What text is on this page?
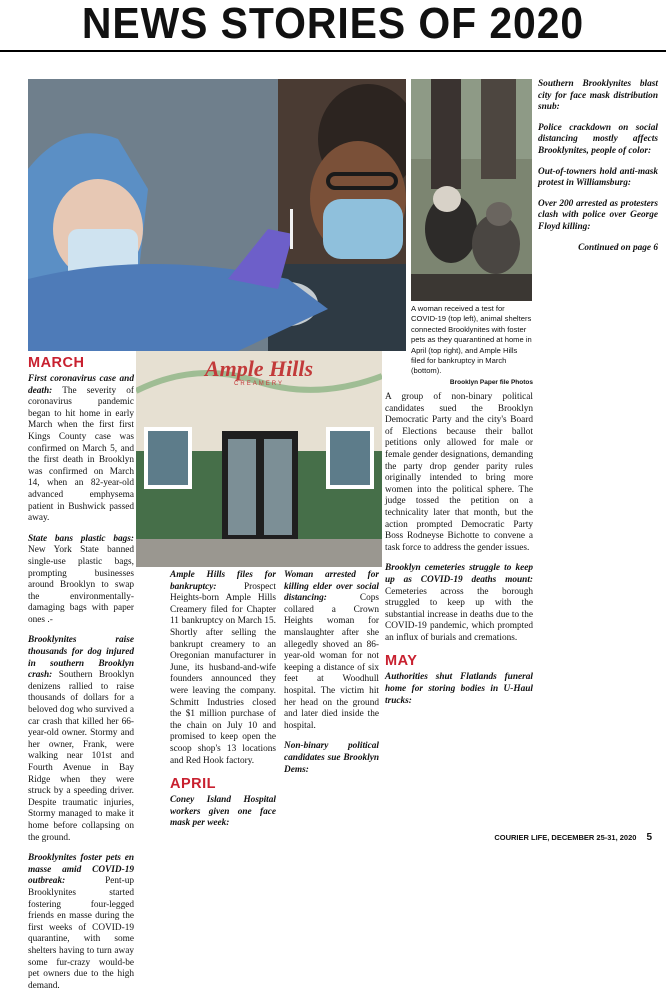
NEWS STORIES OF 2020
A woman received a test for COVID-19 (top left), animal shelters connected Brooklynites with foster pets as they quarantined at home in April (top right), and Ample Hills filed for bankruptcy in March (bottom).
Brooklyn Paper file Photos
Ample Hills
CREAMERY
MARCH

First coronavirus case and death: The severity of coronavirus pandemic began to hit home in early March when the first first Kings County case was confirmed on March 5, and the first death in Brooklyn was confirmed on March 14, when an 82-year-old advanced emphysema patient in Bushwick passed away.

State bans plastic bags: New York State banned single-use plastic bags, prompting businesses around Brooklyn to swap the environmentally-damaging bags with paper ones .-

Brooklynites raise thousands for dog injured in southern Brooklyn crash: Southern Brooklyn denizens rallied to raise thousands of dollars for a beloved dog who survived a car crash that killed her 66-year-old owner. Stormy and her owner, Frank, were walking near 101st and Fourth Avenue in Bay Ridge when they were struck by a speeding driver. Despite traumatic injuries, Stormy managed to make it home before collapsing on the ground.

Brooklynites foster pets en masse amid COVID-19 outbreak: Pent-up Brooklynites started fostering four-legged friends en masse during the first weeks of COVID-19 quarantine, with some shelters having to turn away some fur-crazy would-be pet owners due to the high demand.

Ample Hills files for bankruptcy: Prospect Heights-born Ample Hills Creamery filed for Chapter 11 bankruptcy on March 15. Shortly after selling the bankrupt creamery to an Oregonian manufacturer in June, its husband-and-wife founders announced they were leaving the company. Schmitt Industries closed the $1 million purchase of the chain on July 10 and promised to keep open the scoop shop's 13 locations and Red Hook factory.

APRIL

Coney Island Hospital workers given one face mask per week:

Woman arrested for killing elder over social distancing: Cops collared a Crown Heights woman for manslaughter after she allegedly shoved an 86-year-old woman for not keeping a distance of six feet at Woodhull hospital. The victim hit her head on the ground and later died inside the hospital.

Non-binary political candidates sue Brooklyn Dems:

A group of non-binary political candidates sued the Brooklyn Democratic Party and the city's Board of Elections because their ballot petitions only allowed for male or female gender designations, demanding the party drop gender parity rules originally intended to bring more women into the political sphere. The judge tossed the petition on a technicality later that month, but the action prompted Democratic Party Boss Rodneyse Bichotte to convene a task force to address the gender issues.

Brooklyn cemeteries struggle to keep up as COVID-19 deaths mount: Cemeteries across the borough struggled to keep up with the substantial increase in deaths due to the COVID-19 pandemic, which prompted an influx of burials and cremations.

MAY

Authorities shut Flatlands funeral home for storing bodies in U-Haul trucks:

Southern Brooklynites blast city for face mask distribution snub:

Police crackdown on social distancing mostly affects Brooklynites, people of color:

Out-of-towners hold anti-mask protest in Williamsburg:

Over 200 arrested as protesters clash with police over George Floyd killing:

Continued on page 6
COURIER LIFE, DECEMBER 25-31, 2020 5
